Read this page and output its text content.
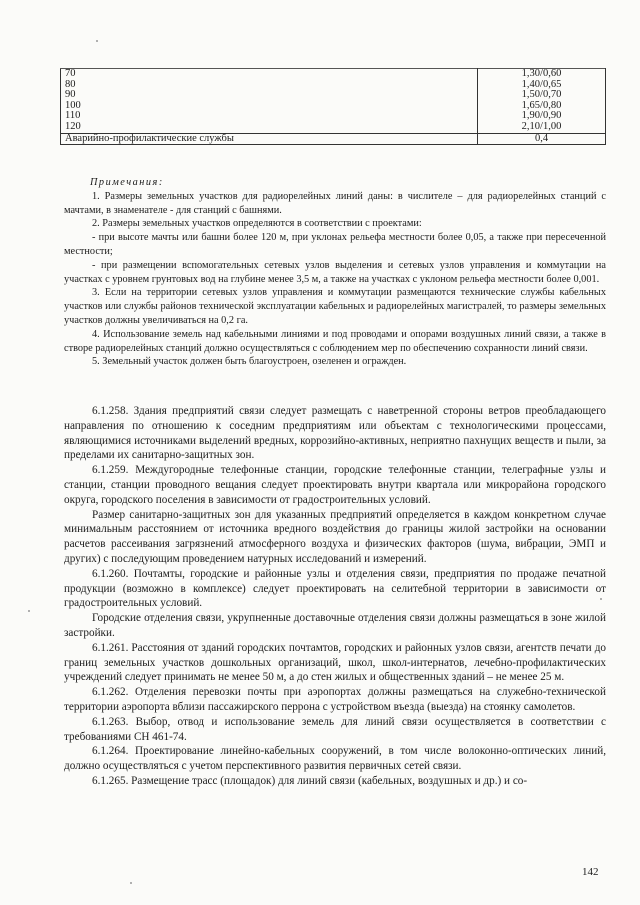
70	1,30/0,60
80	1,40/0,65
90	1,50/0,70
100	1,65/0,80
110	1,90/0,90
120	2,10/1,00
Аварийно-профилактические службы	0,4
Примечания:

1. Размеры земельных участков для радиорелейных линий даны: в числителе – для радиорелейных станций с мачтами, в знаменателе - для станций с башнями.

2. Размеры земельных участков определяются в соответствии с проектами:

- при высоте мачты или башни более 120 м, при уклонах рельефа местности более 0,05, а также при пересеченной местности;

- при размещении вспомогательных сетевых узлов выделения и сетевых узлов управления и коммутации на участках с уровнем грунтовых вод на глубине менее 3,5 м, а также на участках с уклоном рельефа местности более 0,001.

3. Если на территории сетевых узлов управления и коммутации размещаются технические службы кабельных участков или службы районов технической эксплуатации кабельных и радиорелейных магистралей, то размеры земельных участков должны увеличиваться на 0,2 га.

4. Использование земель над кабельными линиями и под проводами и опорами воздушных линий связи, а также в створе радиорелейных станций должно осуществляться с соблюдением мер по обеспечению сохранности линий связи.

5. Земельный участок должен быть благоустроен, озеленен и огражден.

6.1.258. Здания предприятий связи следует размещать с наветренной стороны ветров преобладающего направления по отношению к соседним предприятиям или объектам с технологическими процессами, являющимися источниками выделений вредных, коррозийно-активных, неприятно пахнущих веществ и пыли, за пределами их санитарно-защитных зон.

6.1.259. Междугородные телефонные станции, городские телефонные станции, телеграфные узлы и станции, станции проводного вещания следует проектировать внутри квартала или микрорайона городского округа, городского поселения в зависимости от градостроительных условий.

Размер санитарно-защитных зон для указанных предприятий определяется в каждом конкретном случае минимальным расстоянием от источника вредного воздействия до границы жилой застройки на основании расчетов рассеивания загрязнений атмосферного воздуха и физических факторов (шума, вибрации, ЭМП и других) с последующим проведением натурных исследований и измерений.

6.1.260. Почтамты, городские и районные узлы и отделения связи, предприятия по продаже печатной продукции (возможно в комплексе) следует проектировать на селитебной территории в зависимости от градостроительных условий.

Городские отделения связи, укрупненные доставочные отделения связи должны размещаться в зоне жилой застройки.

6.1.261. Расстояния от зданий городских почтамтов, городских и районных узлов связи, агентств печати до границ земельных участков дошкольных организаций, школ, школ-интернатов, лечебно-профилактических учреждений следует принимать не менее 50 м, а до стен жилых и общественных зданий – не менее 25 м.

6.1.262. Отделения перевозки почты при аэропортах должны размещаться на служебно-технической территории аэропорта вблизи пассажирского перрона с устройством въезда (выезда) на стоянку самолетов.

6.1.263. Выбор, отвод и использование земель для линий связи осуществляется в соответствии с требованиями СН 461-74.

6.1.264. Проектирование линейно-кабельных сооружений, в том числе волоконно-оптических линий, должно осуществляться с учетом перспективного развития первичных сетей связи.

6.1.265. Размещение трасс (площадок) для линий связи (кабельных, воздушных и др.) и со-

142
